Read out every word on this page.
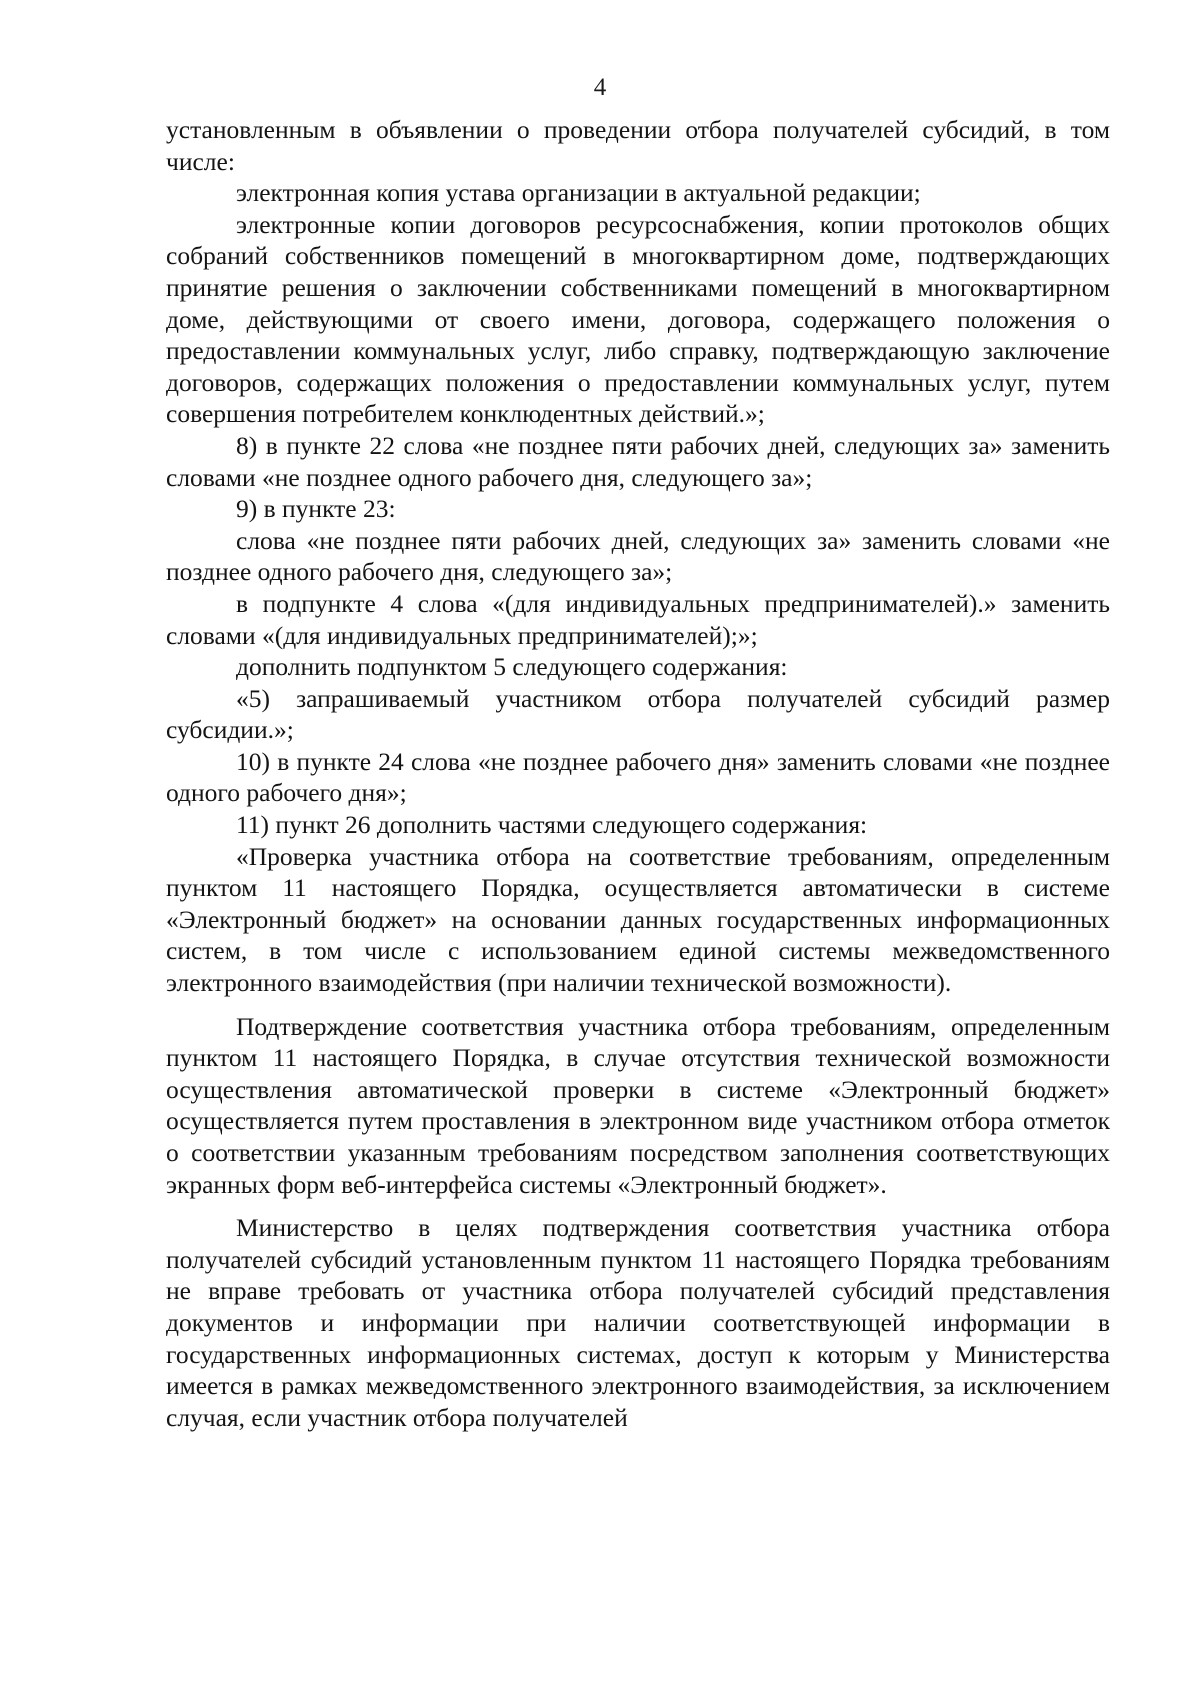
4

установленным в объявлении о проведении отбора получателей субсидий, в том числе:

электронная копия устава организации в актуальной редакции;

электронные копии договоров ресурсоснабжения, копии протоколов общих собраний собственников помещений в многоквартирном доме, подтверждающих принятие решения о заключении собственниками помещений в многоквартирном доме, действующими от своего имени, договора, содержащего положения о предоставлении коммунальных услуг, либо справку, подтверждающую заключение договоров, содержащих положения о предоставлении коммунальных услуг, путем совершения потребителем конклюдентных действий.»;

8) в пункте 22 слова «не позднее пяти рабочих дней, следующих за» заменить словами «не позднее одного рабочего дня, следующего за»;

9) в пункте 23:

слова «не позднее пяти рабочих дней, следующих за» заменить словами «не позднее одного рабочего дня, следующего за»;

в подпункте 4 слова «(для индивидуальных предпринимателей).» заменить словами «(для индивидуальных предпринимателей);»;

дополнить подпунктом 5 следующего содержания:

«5) запрашиваемый участником отбора получателей субсидий размер субсидии.»;

10) в пункте 24 слова «не позднее рабочего дня» заменить словами «не позднее одного рабочего дня»;

11) пункт 26 дополнить частями следующего содержания:

«Проверка участника отбора на соответствие требованиям, определенным пунктом 11 настоящего Порядка, осуществляется автоматически в системе «Электронный бюджет» на основании данных государственных информационных систем, в том числе с использованием единой системы межведомственного электронного взаимодействия (при наличии технической возможности).

Подтверждение соответствия участника отбора требованиям, определенным пунктом 11 настоящего Порядка, в случае отсутствия технической возможности осуществления автоматической проверки в системе «Электронный бюджет» осуществляется путем проставления в электронном виде участником отбора отметок о соответствии указанным требованиям посредством заполнения соответствующих экранных форм веб-интерфейса системы «Электронный бюджет».

Министерство в целях подтверждения соответствия участника отбора получателей субсидий установленным пунктом 11 настоящего Порядка требованиям не вправе требовать от участника отбора получателей субсидий представления документов и информации при наличии соответствующей информации в государственных информационных системах, доступ к которым у Министерства имеется в рамках межведомственного электронного взаимодействия, за исключением случая, если участник отбора получателей
